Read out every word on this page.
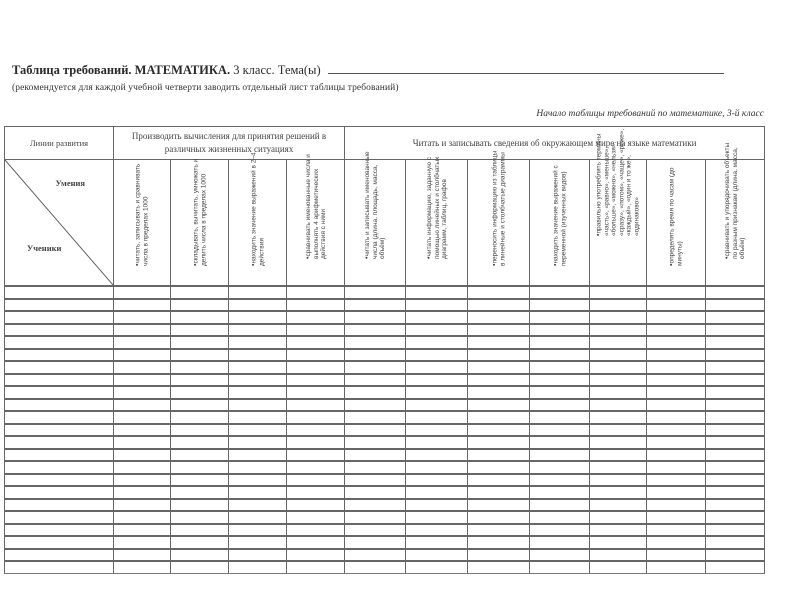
Таблица требований. МАТЕМАТИКА. 3 класс. Тема(ы)
(рекомендуется для каждой учебной четверти заводить отдельный лист таблицы требований)
Начало таблицы требований по математике, 3-й класс
Линии развития	Производить вычисления для принятия решений в различных жизненных ситуациях				Читать и записывать сведения об окружающем мире на языке математики						

Умения
Ученики	• читать, записывать и сравнивать числа в пределах 1000	• складывать, вычитать, умножать и делить числа в пределах 1000	• находить значение выражений в 2–4 действия	• сравнивать именованные числа и выполнять 4 арифметических действия с ними	• читать и записывать именованные числа (длина, площадь, масса, объём)	• читать информацию, заданную с помощью линейных и столбчатых диаграмм, таблиц, графов	• переносить информацию из таблицы в линейные и столбчатые диаграммы	• находить значение выражений с переменной (изученных видов)	• правильно употреблять термины «часть», «равно», «меньше», «больше», «можно», «нельзя», «сразу», «потом», «чаще», «реже», «каждый», «один и то же», «одинаково»	• определять время по часам (до минуты)	• сравнивать и упорядочивать объекты по разным признакам (длина, масса, объём)
